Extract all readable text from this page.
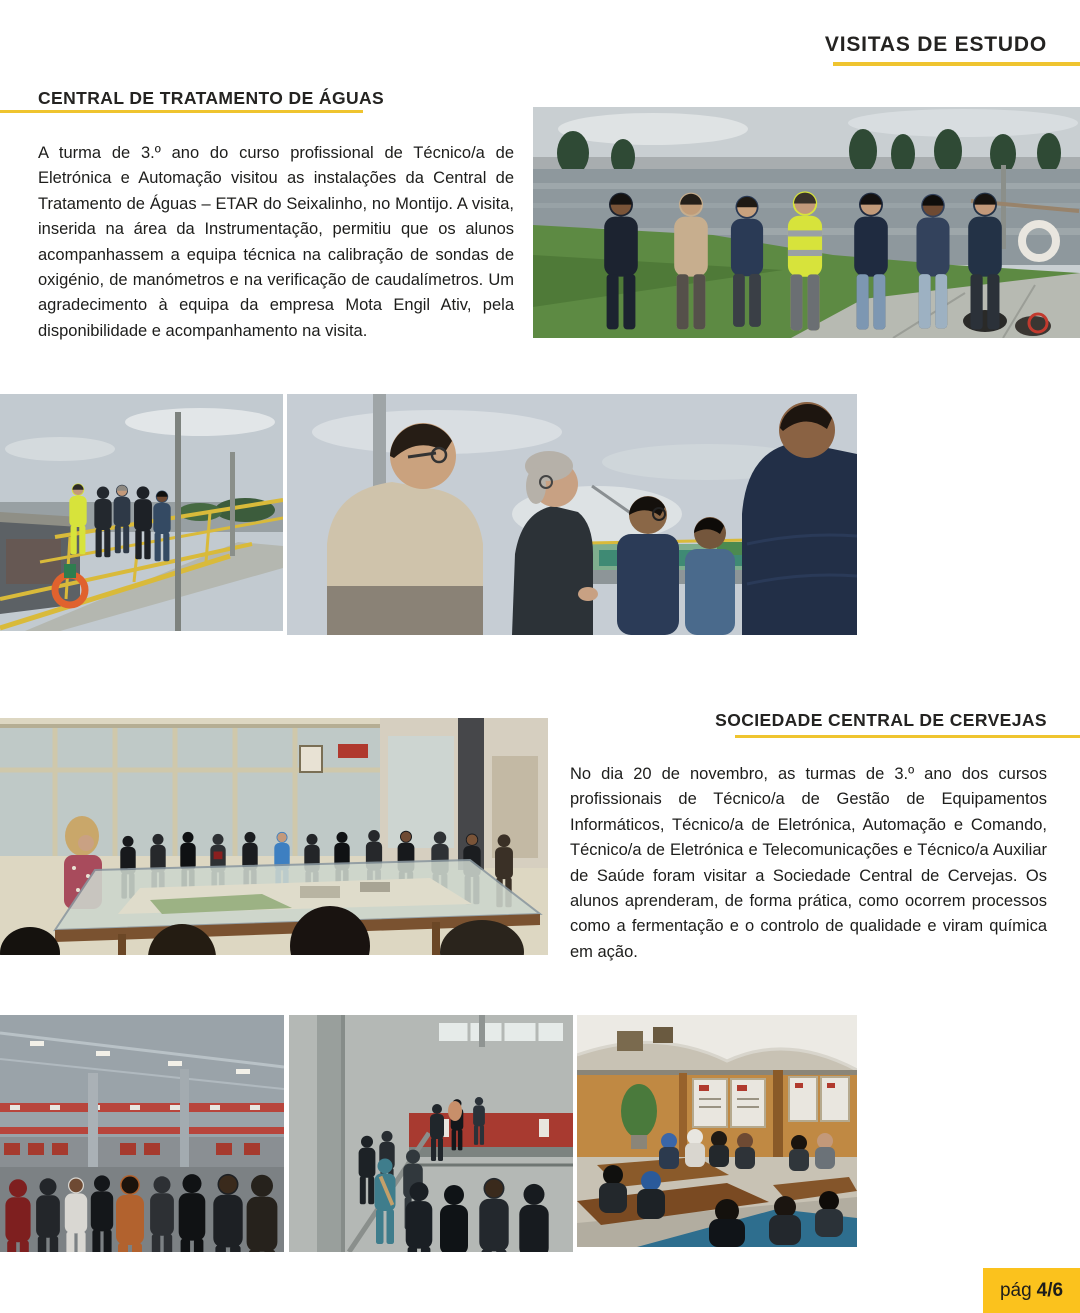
VISITAS DE ESTUDO
CENTRAL DE TRATAMENTO DE ÁGUAS

A turma de 3.º ano do curso profissional de Técnico/a de Eletrónica e Automação visitou as instalações da Central de Tratamento de Águas – ETAR do Seixalinho, no Montijo. A visita, inserida na área da Instrumentação, permitiu que os alunos acompanhassem a equipa técnica na calibração de sondas de oxigénio, de manómetros e na verificação de caudalímetros. Um agradecimento à equipa da empresa Mota Engil Ativ, pela disponibilidade e acompanhamento na visita.

SOCIEDADE CENTRAL DE CERVEJAS

No dia 20 de novembro, as turmas de 3.º ano dos cursos profissionais de Técnico/a de Gestão de Equipamentos Informáticos, Técnico/a de Eletrónica, Automação e Comando, Técnico/a de Eletrónica e Telecomunicações e Técnico/a Auxiliar de Saúde foram visitar a Sociedade Central de Cervejas. Os alunos aprenderam, de forma prática, como ocorrem processos como a fermentação e o controlo de qualidade e viram química em ação.

pág 4/6
